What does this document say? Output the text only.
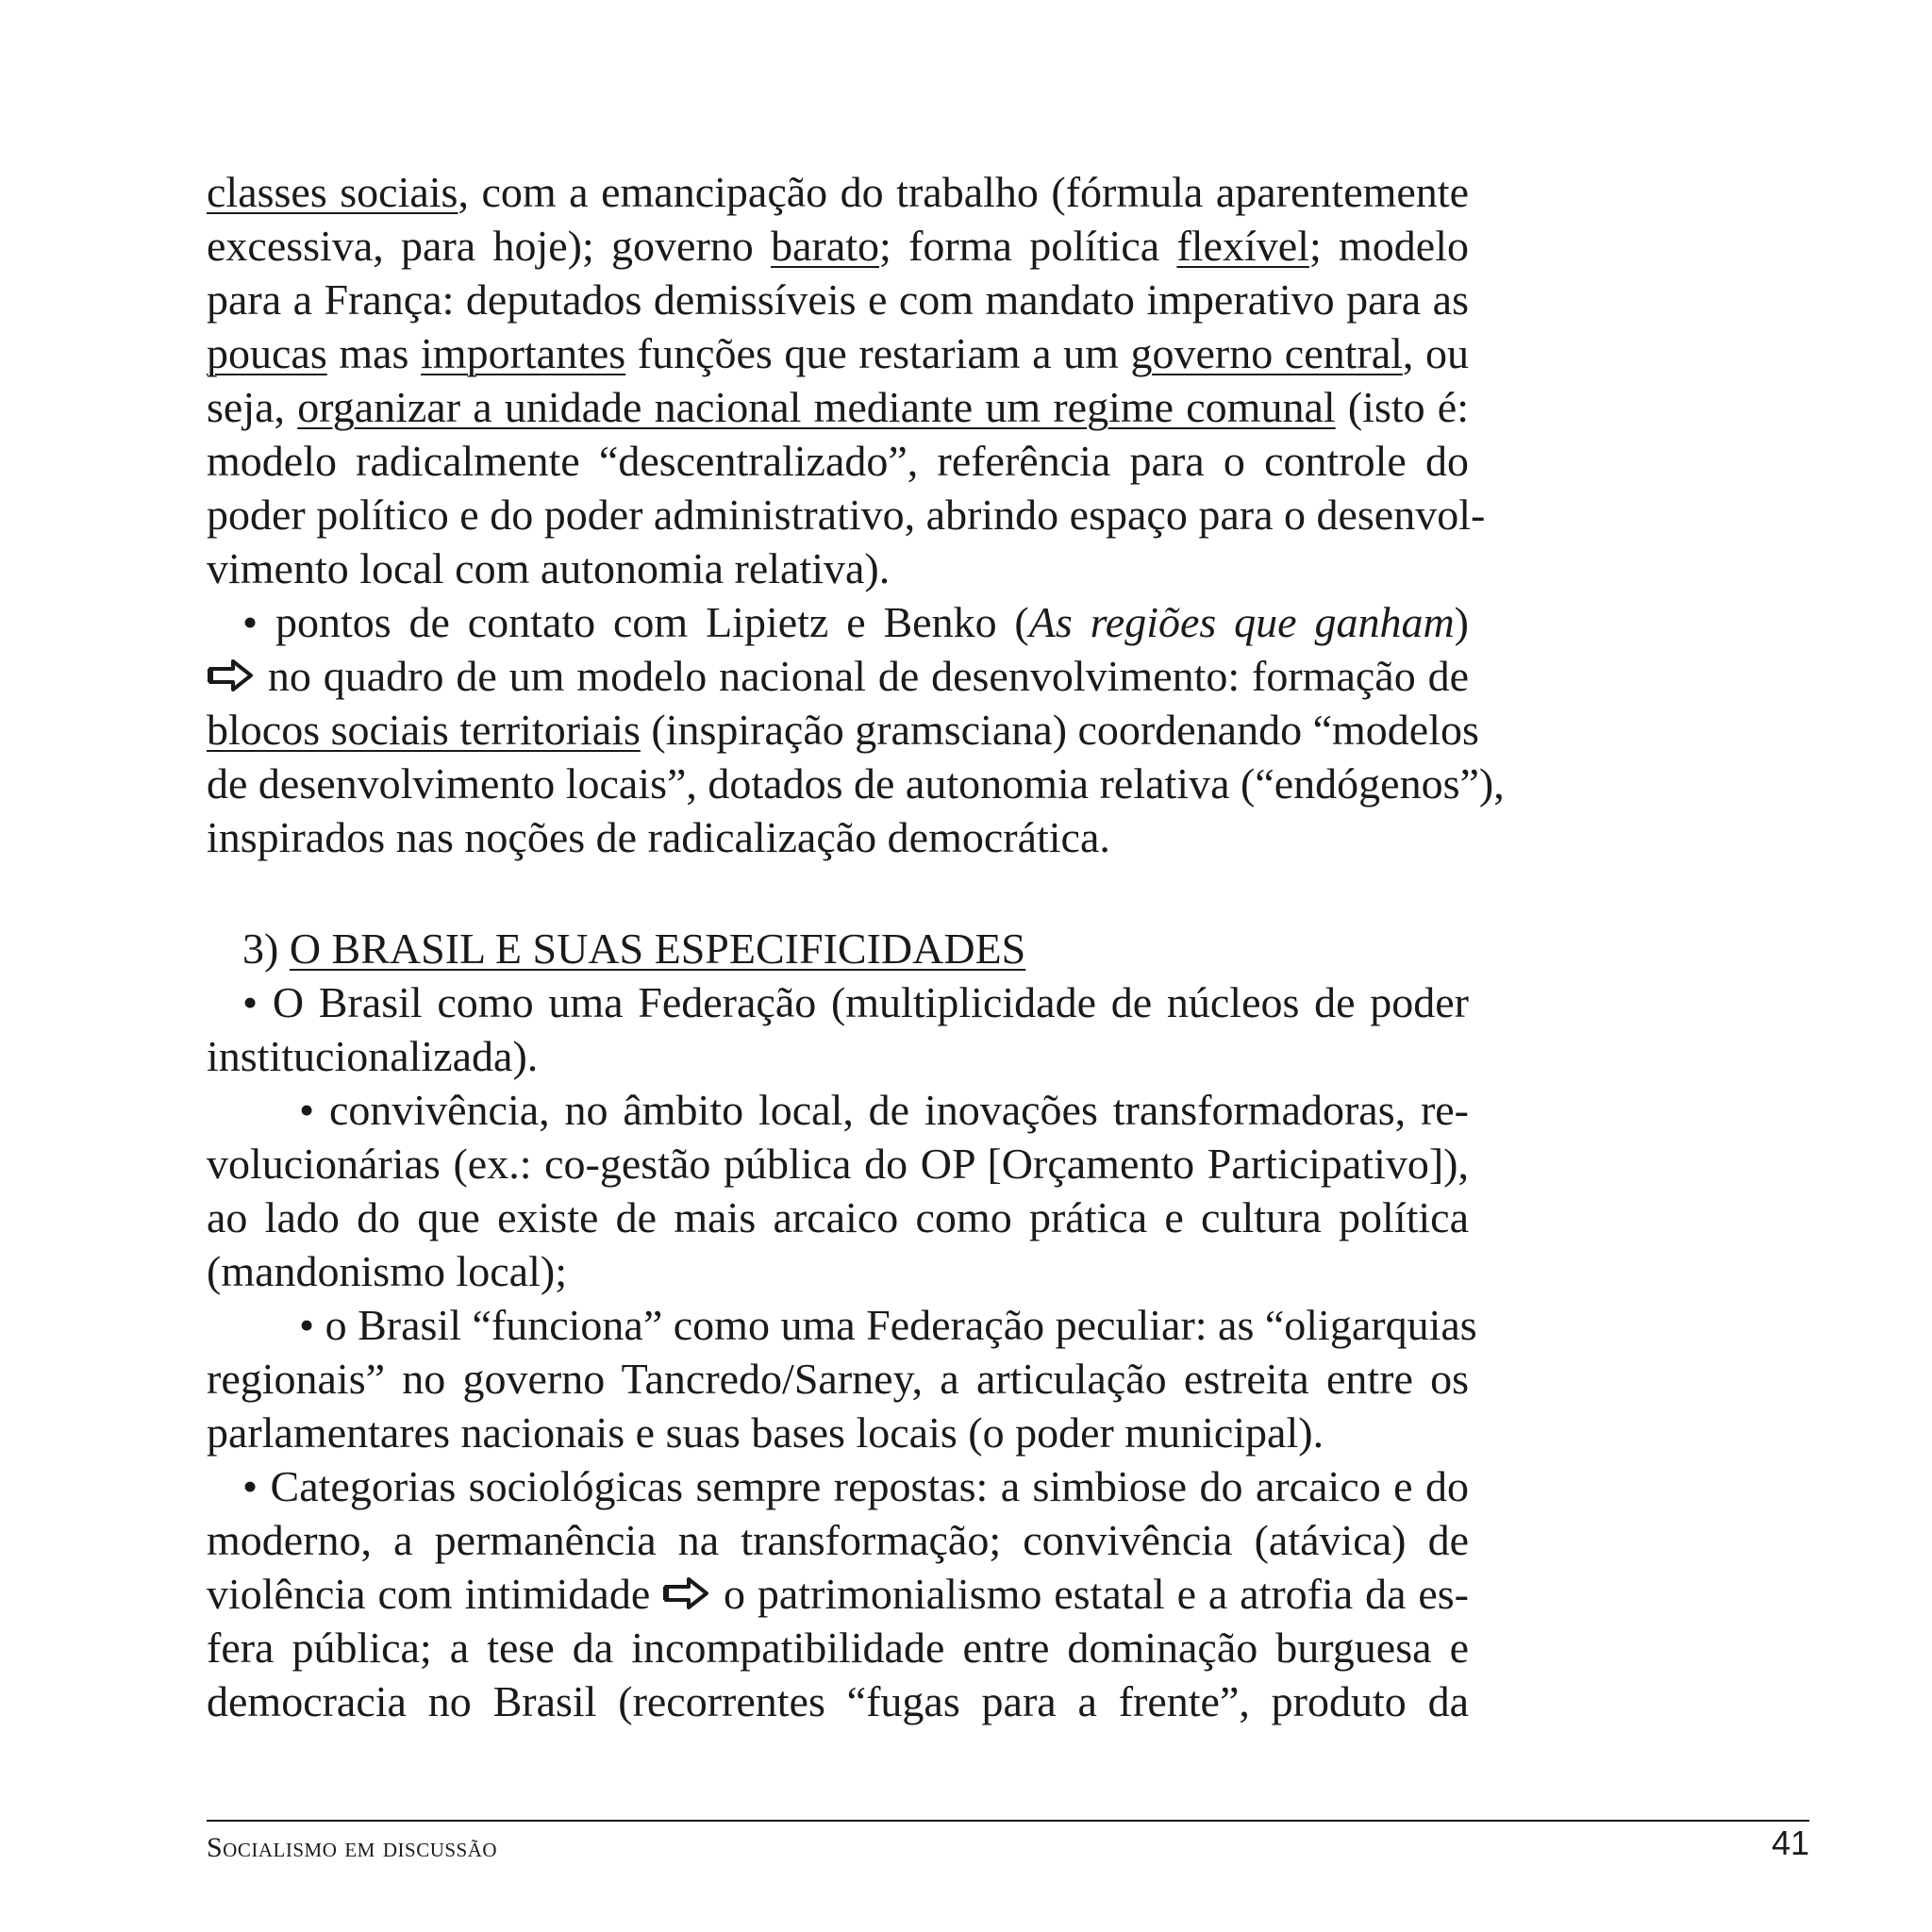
classes sociais, com a emancipação do trabalho (fórmula aparentemente
excessiva, para hoje); governo barato; forma política flexível; modelo
para a França: deputados demissíveis e com mandato imperativo para as
poucas mas importantes funções que restariam a um governo central, ou
seja, organizar a unidade nacional mediante um regime comunal (isto é:
modelo radicalmente “descentralizado”, referência para o controle do
poder político e do poder administrativo, abrindo espaço para o desenvol-
vimento local com autonomia relativa).
• pontos de contato com Lipietz e Benko (As regiões que ganham)
no quadro de um modelo nacional de desenvolvimento: formação de
blocos sociais territoriais (inspiração gramsciana) coordenando “modelos
de desenvolvimento locais”, dotados de autonomia relativa (“endógenos”),
inspirados nas noções de radicalização democrática.
3) O BRASIL E SUAS ESPECIFICIDADES
• O Brasil como uma Federação (multiplicidade de núcleos de poder
institucionalizada).
• convivência, no âmbito local, de inovações transformadoras, re-
volucionárias (ex.: co-gestão pública do OP [Orçamento Participativo]),
ao lado do que existe de mais arcaico como prática e cultura política
(mandonismo local);
• o Brasil “funciona” como uma Federação peculiar: as “oligarquias
regionais” no governo Tancredo/Sarney, a articulação estreita entre os
parlamentares nacionais e suas bases locais (o poder municipal).
• Categorias sociológicas sempre repostas: a simbiose do arcaico e do
moderno, a permanência na transformação; convivência (atávica) de
violência com intimidade  o patrimonialismo estatal e a atrofia da es-
fera pública; a tese da incompatibilidade entre dominação burguesa e
democracia no Brasil (recorrentes “fugas para a frente”, produto da
Socialismo em discussão	41
